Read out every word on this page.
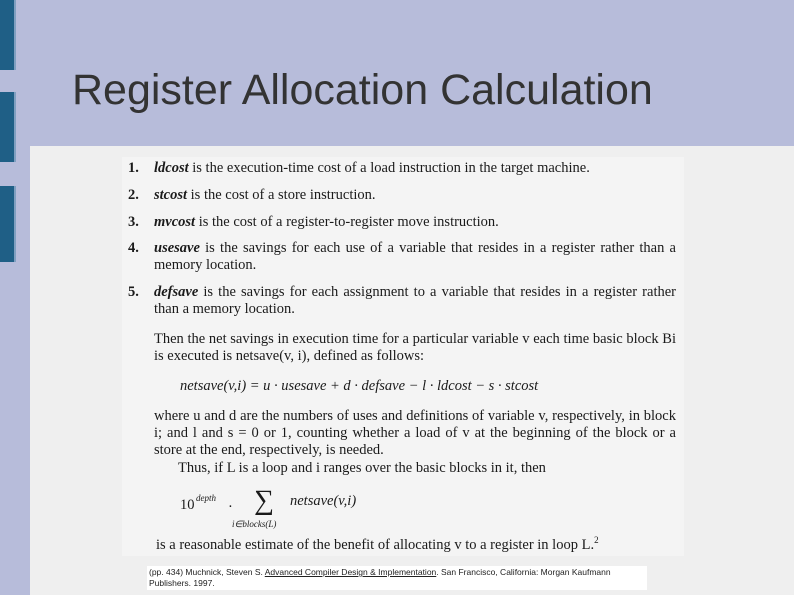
Register Allocation Calculation
1. ldcost is the execution-time cost of a load instruction in the target machine.
2. stcost is the cost of a store instruction.
3. mvcost is the cost of a register-to-register move instruction.
4. usesave is the savings for each use of a variable that resides in a register rather than a memory location.
5. defsave is the savings for each assignment to a variable that resides in a register rather than a memory location.
Then the net savings in execution time for a particular variable v each time basic block Bi is executed is netsave(v, i), defined as follows:
netsave(v,i) = u · usesave + d · defsave − l · ldcost − s · stcost
where u and d are the numbers of uses and definitions of variable v, respectively, in block i; and l and s = 0 or 1, counting whether a load of v at the beginning of the block or a store at the end, respectively, is needed.
Thus, if L is a loop and i ranges over the basic blocks in it, then
10 depth
· ∑
i∈blocks(L)
netsave(v,i)
is a reasonable estimate of the benefit of allocating v to a register in loop L.$^2$
(pp. 434) Muchnick, Steven S. Advanced Compiler Design & Implementation. San Francisco, California: Morgan Kaufmann Publishers. 1997.
